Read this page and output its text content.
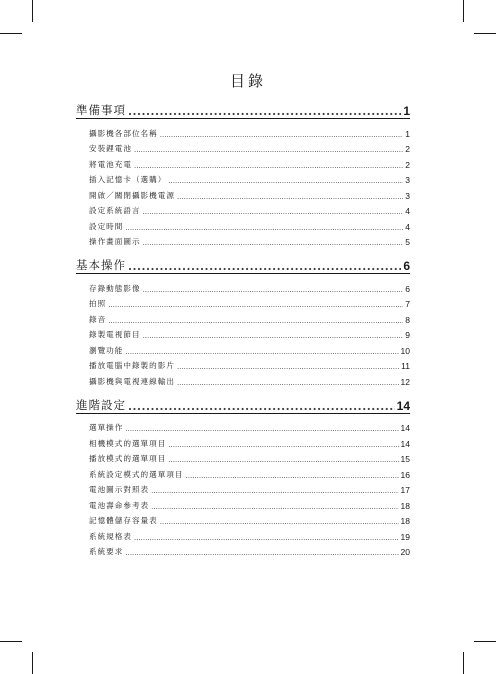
目錄
準備事項 .....	1
攝影機各部位名稱 .....	1
安裝鋰電池 .....	2
將電池充電 .....	2
插入記憶卡（選購） .....	3
開啟／關閉攝影機電源 .....	3
設定系統語言 .....	4
設定時間 .....	4
操作畫面圖示 .....	5
基本操作 .....	6
存錄動態影像 .....	6
拍照 .....	7
錄音 .....	8
錄製電視節目 .....	9
瀏覽功能 .....	10
播放電腦中錄製的影片 .....	11
攝影機與電視連線輸出 .....	12
進階設定 .....	14
選單操作 .....	14
相機模式的選單項目 .....	14
播放模式的選單項目 .....	15
系統設定模式的選單項目 .....	16
電池圖示對照表 .....	17
電池壽命參考表 .....	18
記憶體儲存容量表 .....	18
系統規格表 .....	19
系統要求 .....	20
